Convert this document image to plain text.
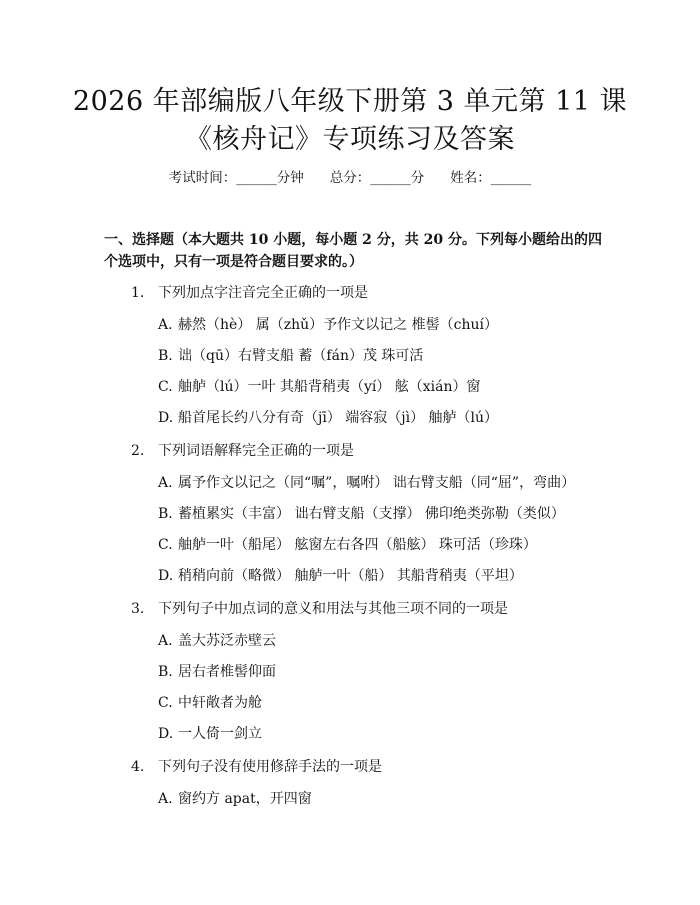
2026 年部编版八年级下册第 3 单元第 11 课
《核舟记》专项练习及答案
考试时间：______分钟 总分：______分 姓名：______
一、选择题（本大题共 10 小题，每小题 2 分，共 20 分。下列每小题给出的四个选项中，只有一项是符合题目要求的。）
1. 下列加点字注音完全正确的一项是
A. 赫然（hè） 属（zhǔ）予作文以记之 椎髻（chuí）
B. 诎（qū）右臂支船 蓄（fán）茂 珠可活
C. 舳舻（lú）一叶 其船背稍夷（yí） 舷（xián）窗
D. 船首尾长约八分有奇（jī） 端容寂（jì） 舳舻（lú）
2. 下列词语解释完全正确的一项是
A. 属予作文以记之（同“嘱”，嘱咐） 诎右臂支船（同“屈”，弯曲）
B. 蓄植累实（丰富） 诎右臂支船（支撑） 佛印绝类弥勒（类似）
C. 舳舻一叶（船尾） 舷窗左右各四（船舷） 珠可活（珍珠）
D. 稍稍向前（略微） 舳舻一叶（船） 其船背稍夷（平坦）
3. 下列句子中加点词的意义和用法与其他三项不同的一项是
A. 盖大苏泛赤壁云
B. 居右者椎髻仰面
C. 中轩敞者为舱
D. 一人倚一剑立
4. 下列句子没有使用修辞手法的一项是
A. 窗约方 apat，开四窗
